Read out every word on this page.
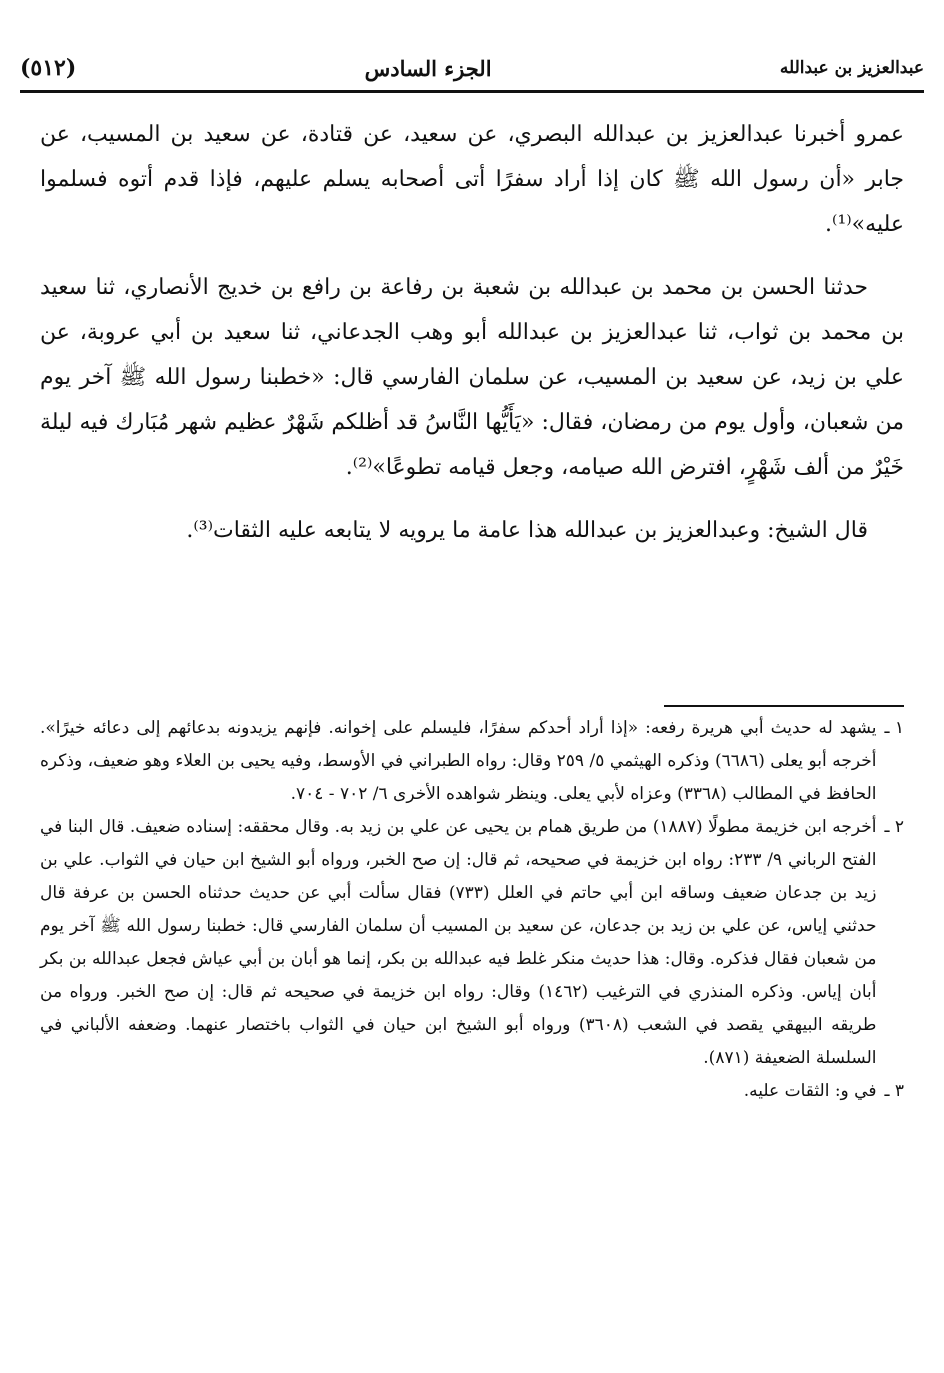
عبدالعزيز بن عبدالله
الجزء السادس
(٥١٢)

عمرو أخبرنا عبدالعزيز بن عبدالله البصري، عن سعيد، عن قتادة، عن سعيد بن المسيب، عن جابر «أن رسول الله ﷺ كان إذا أراد سفرًا أتى أصحابه يسلم عليهم، فإذا قدم أتوه فسلموا عليه»⁽¹⁾.

حدثنا الحسن بن محمد بن عبدالله بن شعبة بن رفاعة بن رافع بن خديج الأنصاري، ثنا سعيد بن محمد بن ثواب، ثنا عبدالعزيز بن عبدالله أبو وهب الجدعاني، ثنا سعيد بن أبي عروبة، عن علي بن زيد، عن سعيد بن المسيب، عن سلمان الفارسي قال: «خطبنا رسول الله ﷺ آخر يوم من شعبان، وأول يوم من رمضان، فقال: «يَأَيُّها النَّاسُ قد أظلكم شَهْرٌ عظيم شهر مُبَارك فيه ليلة خَيْرٌ من ألف شَهْرٍ، افترض الله صيامه، وجعل قيامه تطوعًا»⁽²⁾.

قال الشيخ: وعبدالعزيز بن عبدالله هذا عامة ما يرويه لا يتابعه عليه الثقات⁽³⁾.

١ ـ
يشهد له حديث أبي هريرة رفعه: «إذا أراد أحدكم سفرًا، فليسلم على إخوانه. فإنهم يزيدونه بدعائهم إلى دعائه خيرًا». أخرجه أبو يعلى (٦٦٨٦) وذكره الهيثمي ٥/ ٢٥٩ وقال: رواه الطبراني في الأوسط، وفيه يحيى بن العلاء وهو ضعيف، وذكره الحافظ في المطالب (٣٣٦٨) وعزاه لأبي يعلى. وينظر شواهده الأخرى ٦/ ٧٠٢ - ٧٠٤.
٢ ـ
أخرجه ابن خزيمة مطولًا (١٨٨٧) من طريق همام بن يحيى عن علي بن زيد به. وقال محققه: إسناده ضعيف. قال البنا في الفتح الرباني ٩/ ٢٣٣: رواه ابن خزيمة في صحيحه، ثم قال: إن صح الخبر، ورواه أبو الشيخ ابن حيان في الثواب. علي بن زيد بن جدعان ضعيف وساقه ابن أبي حاتم في العلل (٧٣٣) فقال سألت أبي عن حديث حدثناه الحسن بن عرفة قال حدثني إياس، عن علي بن زيد بن جدعان، عن سعيد بن المسيب أن سلمان الفارسي قال: خطبنا رسول الله ﷺ آخر يوم من شعبان فقال فذكره. وقال: هذا حديث منكر غلط فيه عبدالله بن بكر، إنما هو أبان بن أبي عياش فجعل عبدالله بن بكر أبان إياس. وذكره المنذري في الترغيب (١٤٦٢) وقال: رواه ابن خزيمة في صحيحه ثم قال: إن صح الخبر. ورواه من طريقه البيهقي يقصد في الشعب (٣٦٠٨) ورواه أبو الشيخ ابن حيان في الثواب باختصار عنهما. وضعفه الألباني في السلسلة الضعيفة (٨٧١).
٣ ـ
في و: الثقات عليه.
